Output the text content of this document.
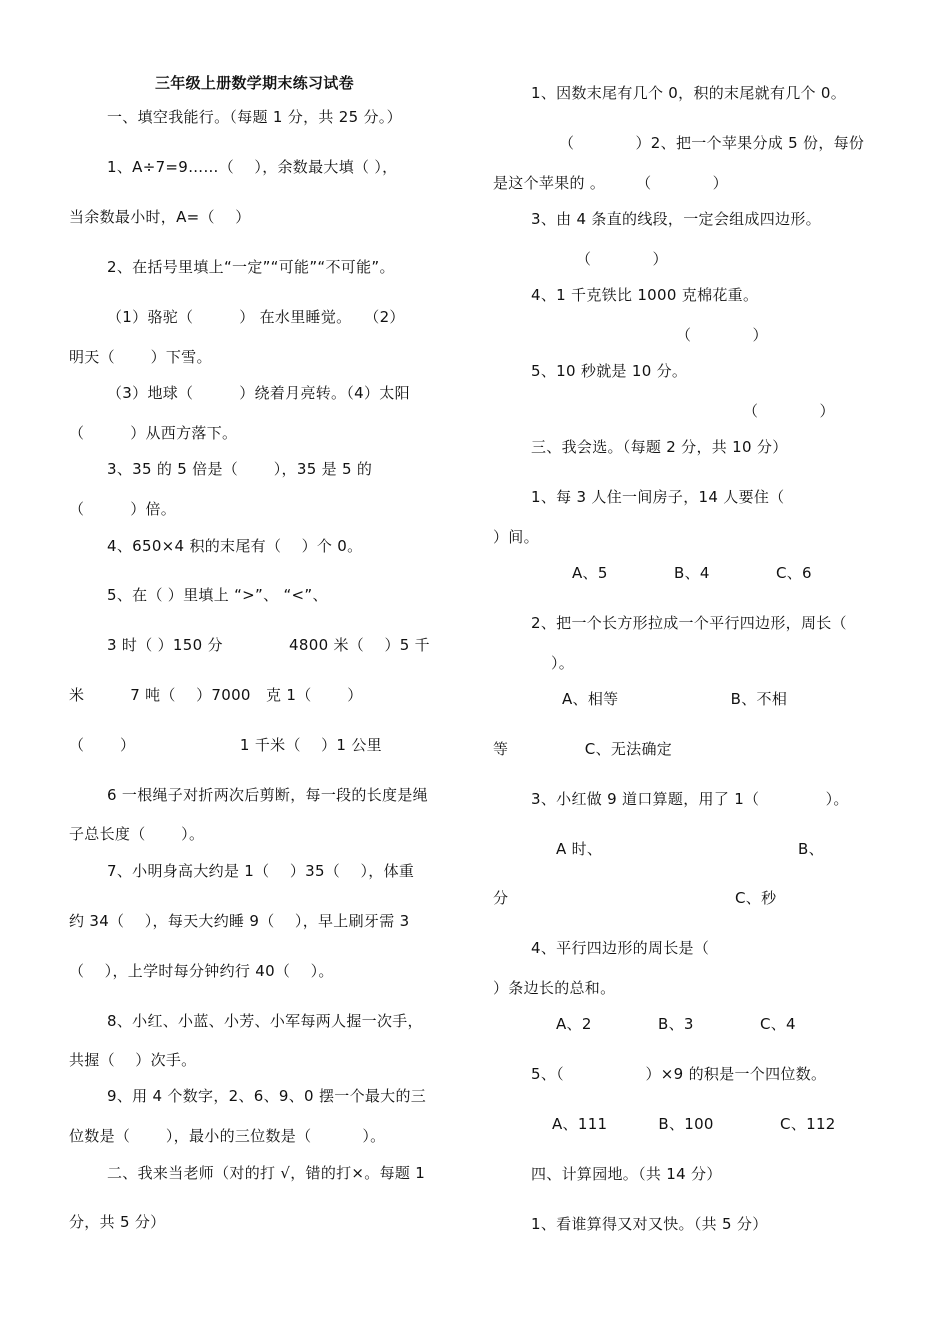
三年级上册数学期末练习试卷
一、填空我能行。（每题 1 分，共 25 分。）
1、A÷7=9……（　 ），余数最大填（ ），
当余数最小时，A=（　 ）
2、在括号里填上“一定”“可能”“不可能”。
（1）骆驼（　　　） 在水里睡觉。　 （2）
明天（　　 ）下雪。
（3）地球（　　　）绕着月亮转。（4）太阳
（　　　）从西方落下。
3、35 的 5 倍是（　　 ），35 是 5 的
（　　　）倍。
4、650×4 积的末尾有（　 ）个 0。
5、在（ ）里填上 “>”、 “<”、
3 时（ ）150 分　　　　 4800 米（　 ）5 千
米　　　7 吨（　 ）7000　克 1（　　 ）
（　　 ）　　　　　　　 1 千米（　 ）1 公里
6 一根绳子对折两次后剪断，每一段的长度是绳
子总长度（　　 ）。
7、小明身高大约是 1（　 ）35（　 ），体重
约 34（　 ），每天大约睡 9（　 ），早上刷牙需 3
（　 ），上学时每分钟约行 40（　 ）。
8、小红、小蓝、小芳、小军每两人握一次手，
共握（　 ）次手。
9、用 4 个数字，2、6、9、0 摆一个最大的三
位数是（　　 ），最小的三位数是（　　　 ）。
二、我来当老师（对的打 √，错的打×。每题 1
分，共 5 分）
1、因数末尾有几个 0，积的末尾就有几个 0。
（　　　　）2、把一个苹果分成 5 份，每份
是这个苹果的 。　　　（　　　　）
3、由 4 条直的线段，一定会组成四边形。
（　　　　）
4、1 千克铁比 1000 克棉花重。
（　　　　）
5、10 秒就是 10 分。
（　　　　）
三、我会选。（每题 2 分，共 10 分）
1、每 3 人住一间房子，14 人要住（
）间。
A、5　　　　 B、4　　　　 C、6
2、把一个长方形拉成一个平行四边形，周长（
）。
A、相等　　　　　　　 B、不相
等　　　　　C、无法确定
3、小红做 9 道口算题，用了 1（　　　　 ）。
A 时、	B、
分	C、秒
4、平行四边形的周长是（
）条边长的总和。
A、2　　　　 B、3　　　　 C、4
5、（　　　　　 ）×9 的积是一个四位数。
A、111　　　 B、100　　　　 C、112
四、计算园地。（共 14 分）
1、看谁算得又对又快。（共 5 分）
